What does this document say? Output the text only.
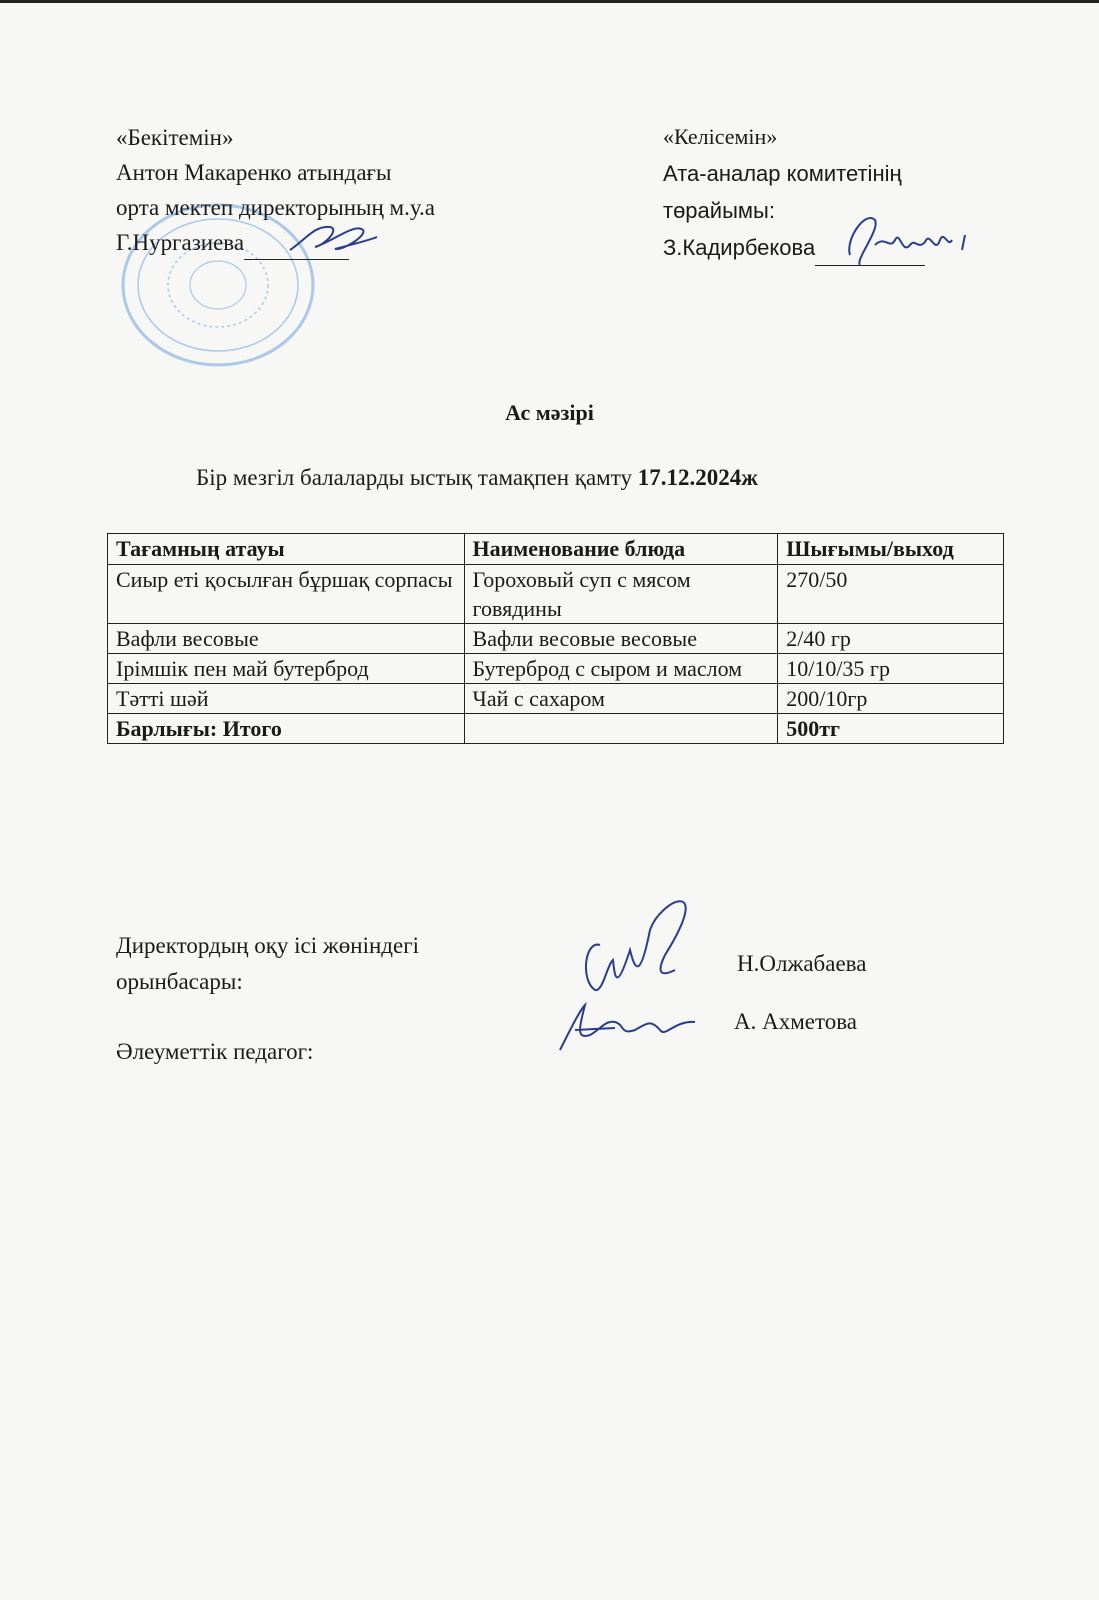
«Бекітемін»
Антон Макаренко атындағы
орта мектеп директорының м.у.а
Г.Нургазиева
«Келісемін»
Ата-аналар комитетінің
төрайымы:
З.Кадирбекова
Ас мәзірі
Бір мезгіл балаларды ыстық тамақпен қамту 17.12.2024ж
Тағамның атауы	Наименование блюда	Шығымы/выход
Сиыр еті қосылған бұршақ сорпасы	Гороховый суп с мясом говядины	270/50
Вафли весовые	Вафли весовые весовые	2/40 гр
Ірімшік пен май бутерброд	Бутерброд с сыром и маслом	10/10/35 гр
Тәтті шәй	Чай с сахаром	200/10гр
Барлығы: Итого		500тг
Директордың оқу ісі жөніндегі
орынбасары:
Әлеуметтік педагог:
Н.Олжабаева
А. Ахметова
